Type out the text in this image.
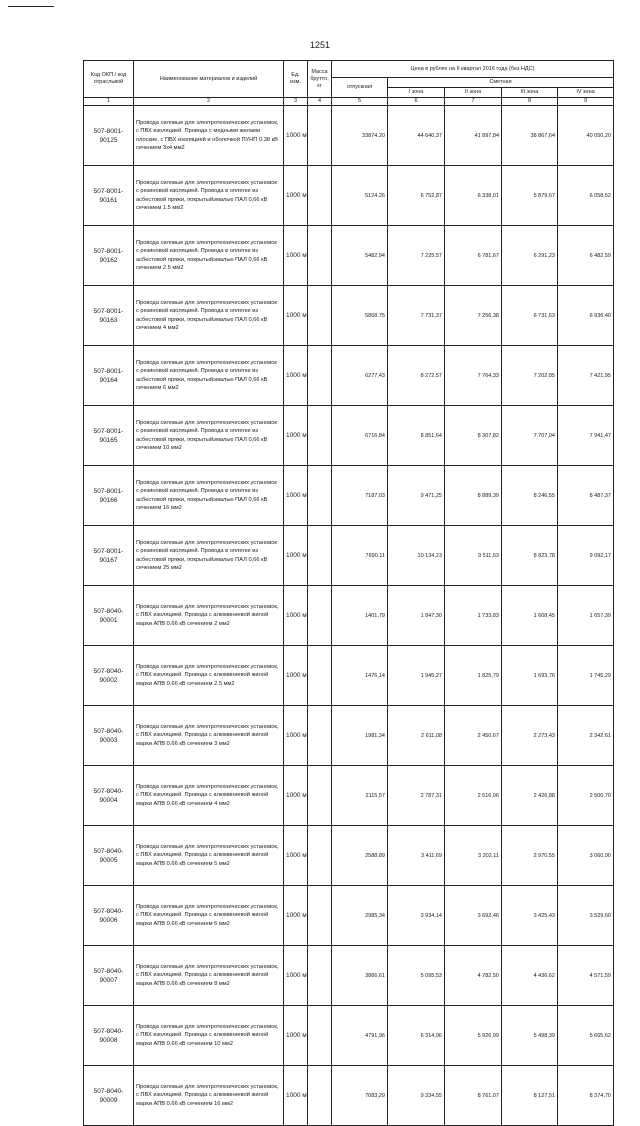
1251
Код ОКП / код отрасльвой	Наименование материалов и изделий	Ед. изм.	Масса брутто, кг	Цена в рублях на II квартал 2016 года (без НДС)				
				отпускная	Сметная			
					I зона	II зона	III зона	IV зона
1	2	3	4	5	6	7	8	9
507-8001-90125	Провода силовые для электротехнических установок, с ПВХ изоляцией. Провода с медными жилами плоские, с ПВХ изоляцией и оболочкой ПУНП 0.38 кВ сечением 3х4 мм2	1000 м		33874.20	44 640,37	41 897,84	38 867,64	40 050,20
507-8001-90161	Провода силовые для электротехнических установок с резиновой изоляцией. Провода в оплетке из асбестовой пряжи, покрытыйэмалью ПАЛ 0,66 кВ сечением 1.5 мм2	1000 м		5124.26	6 752,87	6 338,01	5 879,67	6 058,52
507-8001-90162	Провода силовые для электротехнических установок с резиновой изоляцией. Провода в оплетке из асбестовой пряжи, покрытыйэмалью ПАЛ 0,66 кВ сечением 2.5 мм2	1000 м		5482,94	7 225,57	6 781,67	6 291,23	6 482,59
507-8001-90163	Провода силовые для электротехнических установок с резиновой изоляцией. Провода в оплетке из асбестовой пряжи, покрытыйэмалью ПАЛ 0,66 кВ сечением 4 мм2	1000 м		5868.75	7 731,37	7 256,38	6 731,63	6 936,40
507-8001-90164	Провода силовые для электротехнических установок с резиновой изоляцией. Провода в оплетке из асбестовой пряжи, покрытыйэмалью ПАЛ 0,66 кВ сечением 6 мм2	1000 м		6277,43	8 272,57	7 764,33	7 202,85	7 421,95
507-8001-90165	Провода силовые для электротехнических установок с резиновой изоляцией. Провода в оплетке из асбестовой пряжи, покрытыйэмалью ПАЛ 0,66 кВ сечением 10 мм2	1000 м		6716,84	8 851,64	8 307,82	7 707,04	7 941,47
507-8001-90166	Провода силовые для электротехнических установок с резиновой изоляцией. Провода в оплетке из асбестовой пряжи, покрытыйэмалью ПАЛ 0,66 кВ сечением 16 мм2	1000 м		7187,03	9 471,25	8 889,39	8 246,55	8 487,37
507-8001-90167	Провода силовые для электротехнических установок с резиновой изоляцией. Провода в оплетке из асбестовой пряжи, покрытыйэмалью ПАЛ 0,66 кВ сечением 25 мм2	1000 м		7690.11	10 134,23	9 511,63	8 823,78	9 092,17
507-8040-90001	Провода силовые для электротехнических установок, с ПВХ изоляцией. Провода с алюминиевой жилой марки АПВ 0.66 кВ сечением 2 мм2	1000 м		1401,79	1 847,30	1 733,83	1 608,45	1 657,39
507-8040-90002	Провода силовые для электротехнических установок, с ПВХ изоляцией. Провода с алюминиевой жилой марки АПВ 0.66 кВ сечением 2.5 мм2	1000 м		1476,14	1 945,27	1 825,79	1 693,76	1 745,29
507-8040-90003	Провода силовые для электротехнических установок, с ПВХ изоляцией. Провода с алюминиевой жилой марки АПВ 0.66 кВ сечением 3 мм2	1000 м		1981,34	2 611,08	2 450,67	2 273,43	2 342,61
507-8040-90004	Провода силовые для электротехнических установок, с ПВХ изоляцией. Провода с алюминиевой жилой марки АПВ 0.66 кВ сечением 4 мм2	1000 м		2115,57	2 787,31	2 616,06	2 426,88	2 500,70
507-8040-90005	Провода силовые для электротехнических установок, с ПВХ изоляцией. Провода с алюминиевой жилой марки АПВ 0.66 кВ сечением 5 мм2	1000 м		2588,89	3 411,69	3 202,11	2 970,55	3 060,90
507-8040-90006	Провода силовые для электротехнических установок, с ПВХ изоляцией. Провода с алюминиевой жилой марки АПВ 0.66 кВ сечением 6 мм2	1000 м		2985,34	3 934,14	3 692,46	3 425,43	3 529,60
507-8040-90007	Провода силовые для электротехнических установок, с ПВХ изоляцией. Провода с алюминиевой жилой марки АПВ 0.66 кВ сечением 8 мм2	1000 м		3866,61	5 095,53	4 782,50	4 436,62	4 571,59
507-8040-90008	Провода силовые для электротехнических установок, с ПВХ изоляцией. Провода с алюминиевой жилой марки АПВ 0.66 кВ сечением 10 мм2	1000 м		4791,96	6 314,96	5 926,99	5 498,39	5 665,62
507-8040-90009	Провода силовые для электротехнических установок, с ПВХ изоляцией. Провода с алюминиевой жилой марки АПВ 0.66 кВ сечением 16 мм2	1000 м		7083,29	9 334,55	8 761,07	8 127,51	8 374,70
